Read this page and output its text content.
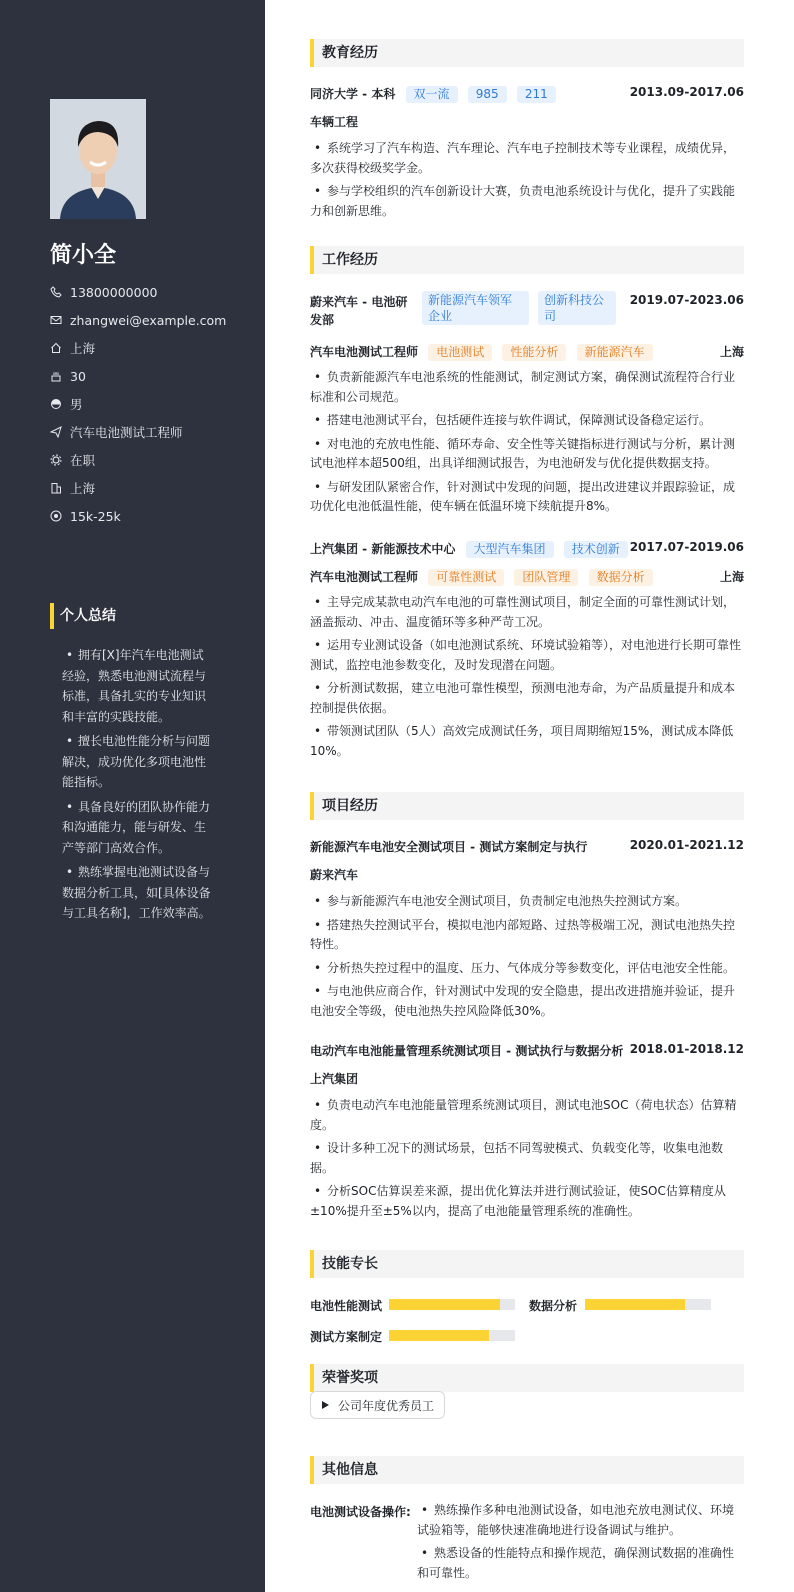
简小全
13800000000
zhangwei@example.com
上海
30
男
汽车电池测试工程师
在职
上海
15k-25k
个人总结
• 拥有[X]年汽车电池测试经验，熟悉电池测试流程与标准，具备扎实的专业知识和丰富的实践技能。
• 擅长电池性能分析与问题解决，成功优化多项电池性能指标。
• 具备良好的团队协作能力和沟通能力，能与研发、生产等部门高效合作。
• 熟练掌握电池测试设备与数据分析工具，如[具体设备与工具名称]，工作效率高。
教育经历
同济大学 - 本科 双一流 985 211	2013.09-2017.06
车辆工程
• 系统学习了汽车构造、汽车理论、汽车电子控制技术等专业课程，成绩优异，多次获得校级奖学金。
• 参与学校组织的汽车创新设计大赛，负责电池系统设计与优化，提升了实践能力和创新思维。
工作经历
蔚来汽车 - 电池研
发部
新能源汽车领军
企业
创新科技公
司
2019.07-2023.06
汽车电池测试工程师 电池测试 性能分析 新能源汽车	上海
• 负责新能源汽车电池系统的性能测试，制定测试方案，确保测试流程符合行业标准和公司规范。
• 搭建电池测试平台，包括硬件连接与软件调试，保障测试设备稳定运行。
• 对电池的充放电性能、循环寿命、安全性等关键指标进行测试与分析，累计测试电池样本超500组，出具详细测试报告，为电池研发与优化提供数据支持。
• 与研发团队紧密合作，针对测试中发现的问题，提出改进建议并跟踪验证，成功优化电池低温性能，使车辆在低温环境下续航提升8%。
上汽集团 - 新能源技术中心 大型汽车集团 技术创新 2017.07-2019.06
汽车电池测试工程师 可靠性测试 团队管理 数据分析	上海
• 主导完成某款电动汽车电池的可靠性测试项目，制定全面的可靠性测试计划，涵盖振动、冲击、温度循环等多种严苛工况。
• 运用专业测试设备（如电池测试系统、环境试验箱等），对电池进行长期可靠性测试，监控电池参数变化，及时发现潜在问题。
• 分析测试数据，建立电池可靠性模型，预测电池寿命，为产品质量提升和成本控制提供依据。
• 带领测试团队（5人）高效完成测试任务，项目周期缩短15%，测试成本降低10%。
项目经历
新能源汽车电池安全测试项目 - 测试方案制定与执行	2020.01-2021.12
蔚来汽车
• 参与新能源汽车电池安全测试项目，负责制定电池热失控测试方案。
• 搭建热失控测试平台，模拟电池内部短路、过热等极端工况，测试电池热失控特性。
• 分析热失控过程中的温度、压力、气体成分等参数变化，评估电池安全性能。
• 与电池供应商合作，针对测试中发现的安全隐患，提出改进措施并验证，提升电池安全等级，使电池热失控风险降低30%。
电动汽车电池能量管理系统测试项目 - 测试执行与数据分析 2018.01-2018.12
上汽集团
• 负责电动汽车电池能量管理系统测试项目，测试电池SOC（荷电状态）估算精度。
• 设计多种工况下的测试场景，包括不同驾驶模式、负载变化等，收集电池数据。
• 分析SOC估算误差来源，提出优化算法并进行测试验证，使SOC估算精度从±10%提升至±5%以内，提高了电池能量管理系统的准确性。
技能专长
电池性能测试	数据分析
测试方案制定
荣誉奖项
公司年度优秀员工
其他信息
电池测试设备操作:
•	熟练操作多种电池测试设备，如电池充放电测试仪、环境试验箱等，能够快速准确地进行设备调试与维护。
• 熟悉设备的性能特点和操作规范，确保测试数据的准确性和可靠性。
